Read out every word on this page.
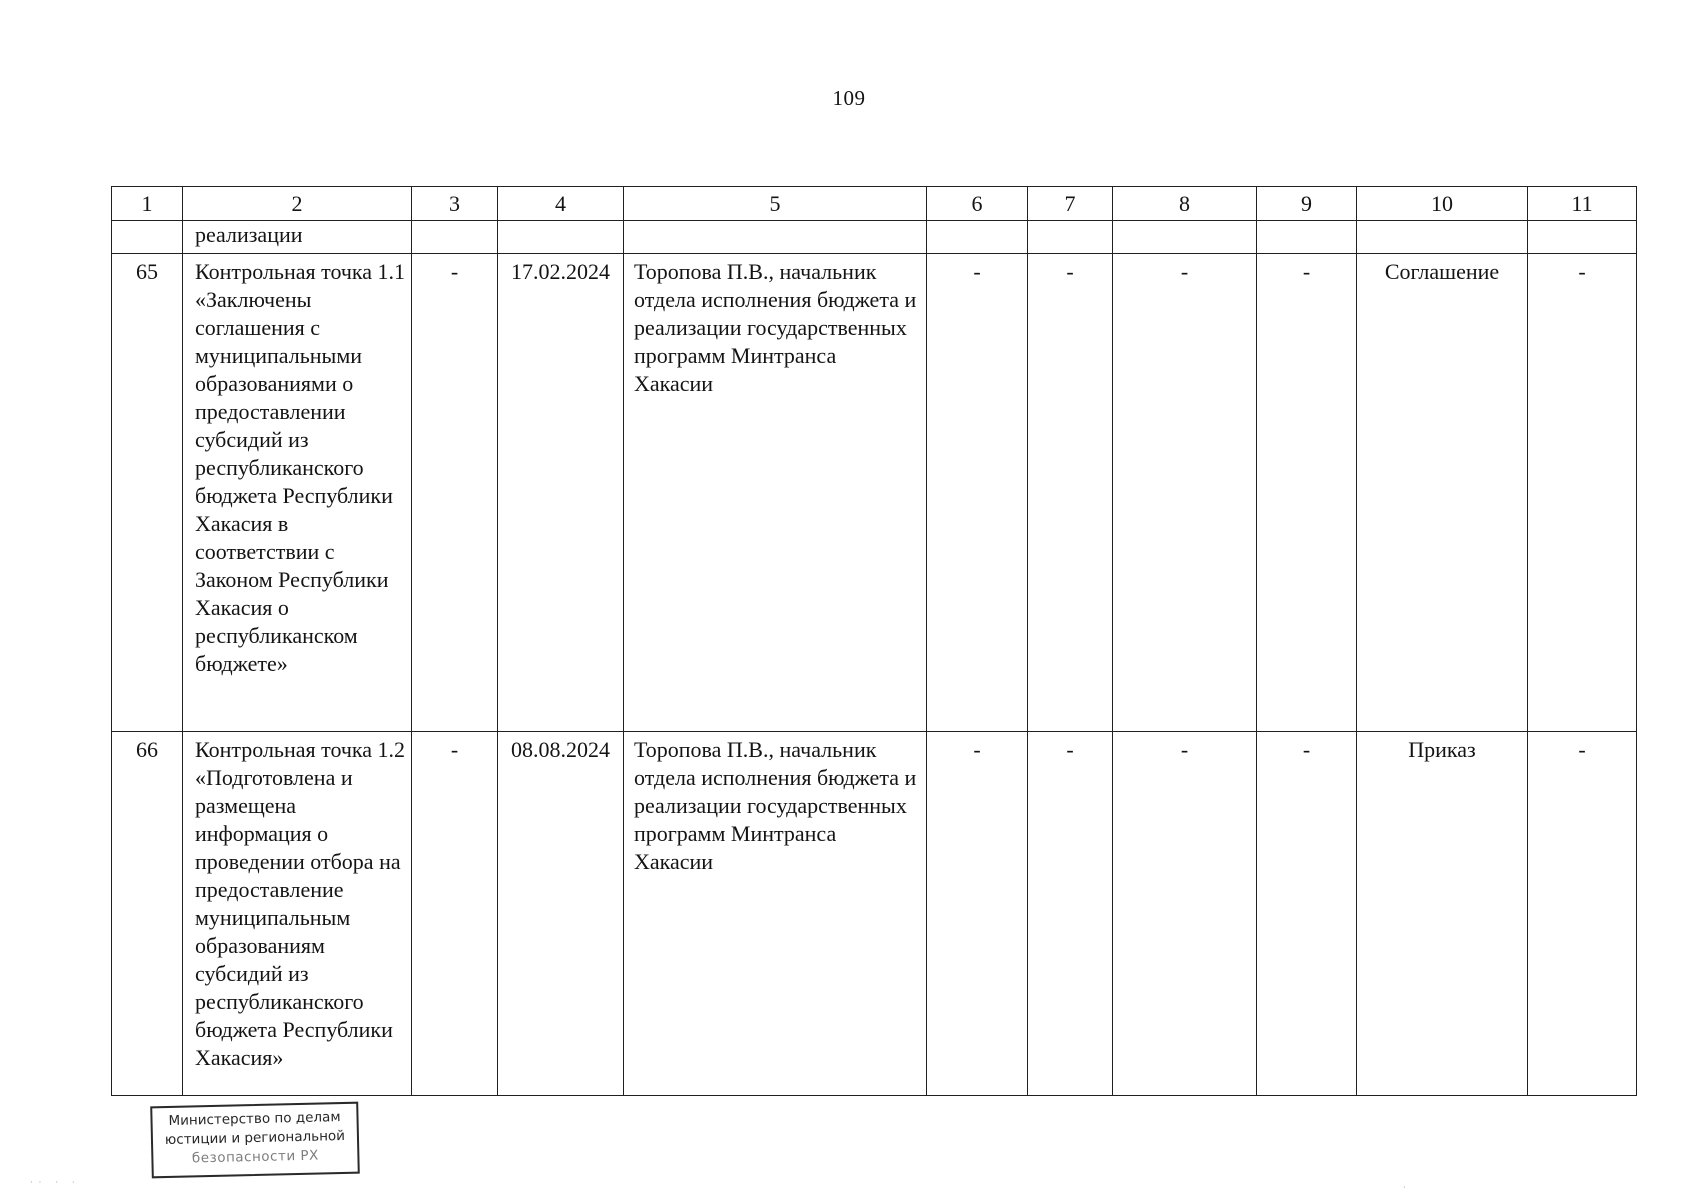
109
1	2	3	4	5	6	7	8	9	10	11
	реализации									
65	Контрольная точка 1.1 «Заключены соглашения с муниципальными образованиями о предоставлении субсидий из республиканского бюджета Республики Хакасия в соответствии с Законом Республики Хакасия о республиканском бюджете»	-	17.02.2024	Торопова П.В., начальник отдела исполнения бюджета и реализации государственных программ Минтранса Хакасии	-	-	-	-	Соглашение	-
66	Контрольная точка 1.2 «Подготовлена и размещена информация о проведении отбора на предоставление муниципальным образованиям субсидий из республиканского бюджета Республики Хакасия»	-	08.08.2024	Торопова П.В., начальник отдела исполнения бюджета и реализации государственных программ Минтранса Хакасии	-	-	-	-	Приказ	-
Министерство по делам
юстиции и региональной
безопасности РХ
·· · ·
·
